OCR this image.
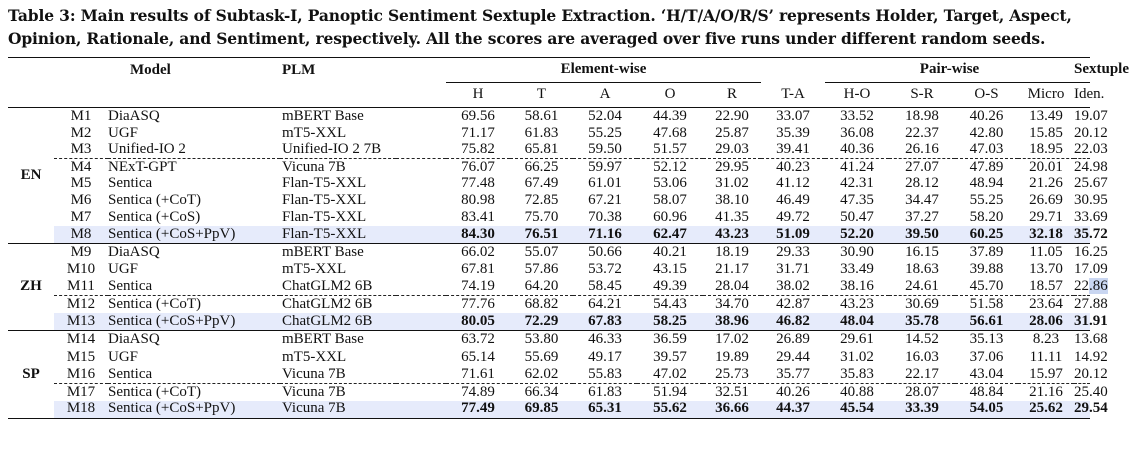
Table 3: Main results of Subtask-I, Panoptic Sentiment Sextuple Extraction. ‘H/T/A/O/R/S’ represents Holder, Target, Aspect,
Opinion, Rationale, and Sentiment, respectively. All the scores are averaged over five runs under different random seeds.

		Model	PLM		Element-wise						Pair-wise				Sextuple	
					H	T	A	O	R	T-A	H-O	S-R	O-S	Micro	Iden.	

EN	M1	DiaASQ	mBERT Base		69.56	58.61	52.04	44.39	22.90	33.07	33.52	18.98	40.26	13.49	19.07	
	M2	UGF	mT5-XXL		71.17	61.83	55.25	47.68	25.87	35.39	36.08	22.37	42.80	15.85	20.12	
	M3	Unified-IO 2	Unified-IO 2 7B		75.82	65.81	59.50	51.57	29.03	39.41	40.36	26.16	47.03	18.95	22.03	
	M4	NExT-GPT	Vicuna 7B		76.07	66.25	59.97	52.12	29.95	40.23	41.24	27.07	47.89	20.01	24.98	
	M5	Sentica	Flan-T5-XXL		77.48	67.49	61.01	53.06	31.02	41.12	42.31	28.12	48.94	21.26	25.67	
	M6	Sentica (+CoT)	Flan-T5-XXL		80.98	72.85	67.21	58.07	38.10	46.49	47.35	34.47	55.25	26.69	30.95	
	M7	Sentica (+CoS)	Flan-T5-XXL		83.41	75.70	70.38	60.96	41.35	49.72	50.47	37.27	58.20	29.71	33.69	
	M8	Sentica (+CoS+PpV)	Flan-T5-XXL		84.30	76.51	71.16	62.47	43.23	51.09	52.20	39.50	60.25	32.18	35.72	

ZH	M9	DiaASQ	mBERT Base		66.02	55.07	50.66	40.21	18.19	29.33	30.90	16.15	37.89	11.05	16.25	
	M10	UGF	mT5-XXL		67.81	57.86	53.72	43.15	21.17	31.71	33.49	18.63	39.88	13.70	17.09	
	M11	Sentica	ChatGLM2 6B		74.19	64.20	58.45	49.39	28.04	38.02	38.16	24.61	45.70	18.57	22.86	
	M12	Sentica (+CoT)	ChatGLM2 6B		77.76	68.82	64.21	54.43	34.70	42.87	43.23	30.69	51.58	23.64	27.88	
	M13	Sentica (+CoS+PpV)	ChatGLM2 6B		80.05	72.29	67.83	58.25	38.96	46.82	48.04	35.78	56.61	28.06	31.91	

SP	M14	DiaASQ	mBERT Base		63.72	53.80	46.33	36.59	17.02	26.89	29.61	14.52	35.13	8.23	13.68	
	M15	UGF	mT5-XXL		65.14	55.69	49.17	39.57	19.89	29.44	31.02	16.03	37.06	11.11	14.92	
	M16	Sentica	Vicuna 7B		71.61	62.02	55.83	47.02	25.73	35.77	35.83	22.17	43.04	15.97	20.12	
	M17	Sentica (+CoT)	Vicuna 7B		74.89	66.34	61.83	51.94	32.51	40.26	40.88	28.07	48.84	21.16	25.40	
	M18	Sentica (+CoS+PpV)	Vicuna 7B		77.49	69.85	65.31	55.62	36.66	44.37	45.54	33.39	54.05	25.62	29.54	
